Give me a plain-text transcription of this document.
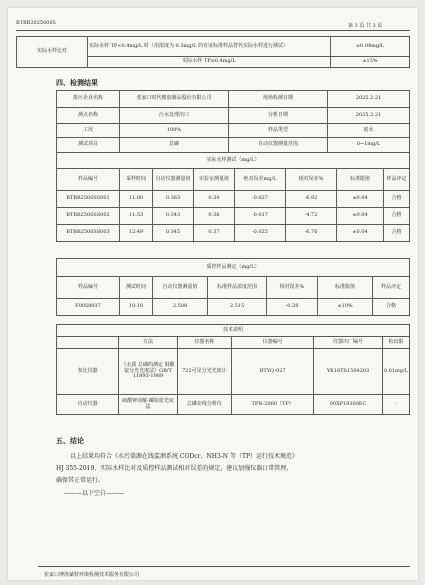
BTBB20250005	第 3 页 共 3 页
实际水样比对	实际水样 TP<0.4mg/L 时（用浓度为 0.3mg/L 的有证标准样品替代实际水样进行测试）	±0.04mg/L
	实际水样 TP≥0.4mg/L	±15%
四、检测结果
排污企业名称	张家口时代橡胶制品股份有限公司	现场检测日期	2025.2.21
测点名称	污水处理出口	分析日期	2025.2.21
工况	100%	样品类型	废水
测试项目	总磷	自动仪器测量范围	0~1mg/L
实际水样测试（mg/L）							
样品编号	采样时间	自动仪器测量值	实验室测量值	绝对误差mg/L	相对误差%	标准限值	样品评定
BTBB2500SS001	11:00	0.363	0.39	-0.027	-6.92	±0.04	合格
BTBB2500SS002	11:53	0.343	0.36	-0.017	-4.72	±0.04	合格
BTBB2500SS003	12:49	0.345	0.37	-0.025	-6.76	±0.04	合格
质控样品测定（mg/L）						
样品编号	测试时间	自动仪器测量值	标准样品浓度范围	相对误差%	标准限值	样品评定
F0058037	10:18	2.508	2.515	-0.28	±10%	合格
技术说明					
	方法	仪器名称	仪器编号	仪器出厂编号	检出限
参比仪器	《水质 总磷的测定 钼酸铵分光光度法》GB/T 11893-1989	722可见分光光度计	BTYQ-027	YK18TS1504203	0.01mg/L
自动仪器	硫酸钾消解-磷钼蓝光度法	总磷在线分析仪	TPN-2000（TP）	00XP19300EC	-
五、结论
以上结果均符合《水污染源在线监测系统 CODcr、NH3-N 等（TP）运行技术规范》
HJ 355-2019，实际水样比对及质控样品测试相对误差的规定，建议加强仪器日常管理，
确保其正常运行。
———以下空白———
张家口博洛斌特环境检测技术服务有限公司
